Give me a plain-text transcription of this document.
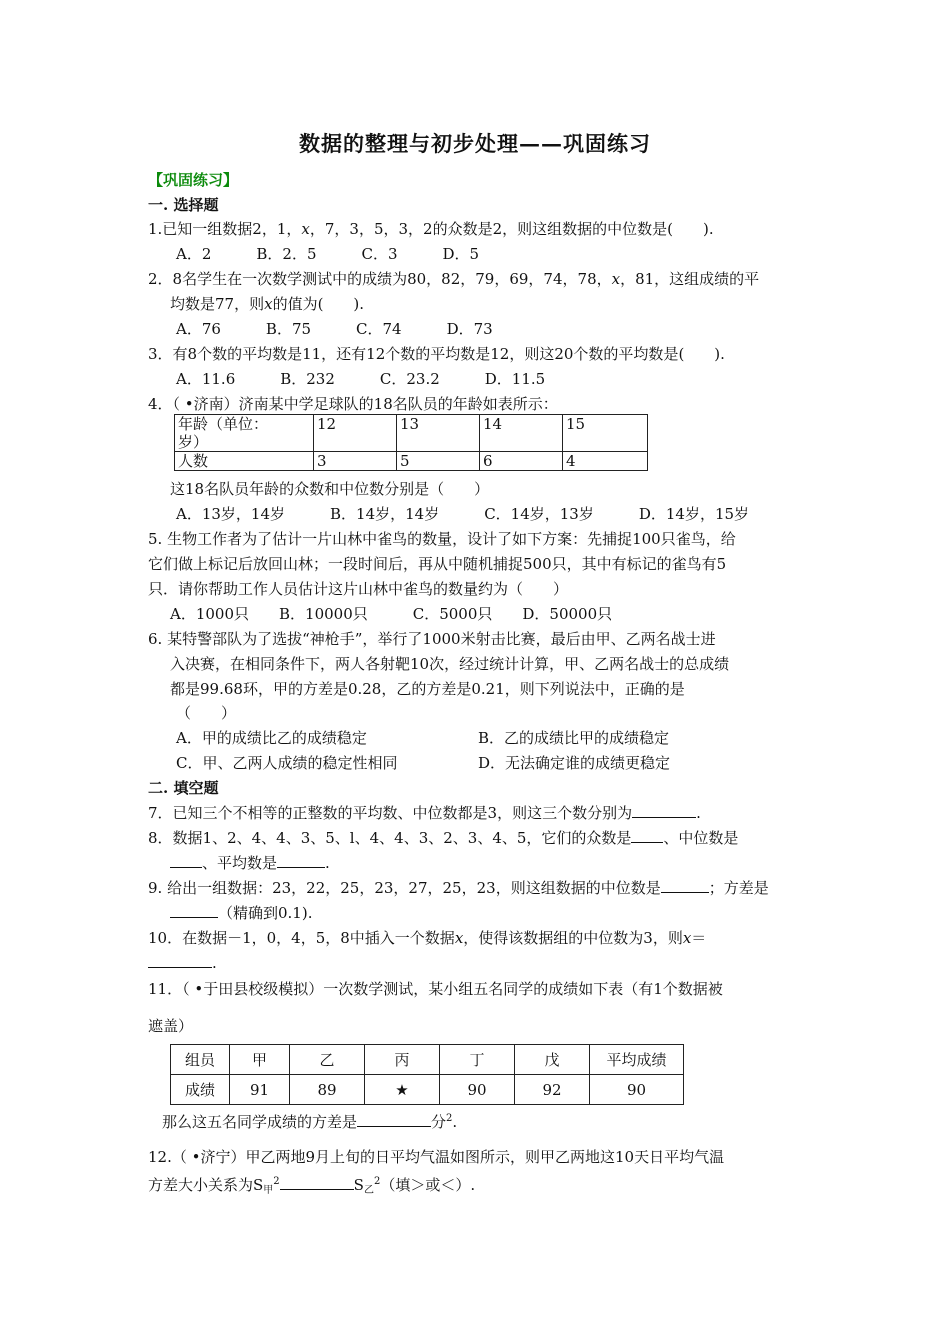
数据的整理与初步处理——巩固练习
【巩固练习】
一. 选择题
1.已知一组数据2，1，x，7，3，5，3，2的众数是2，则这组数据的中位数是(　　).
A．2　　　B．2．5　　　C．3　　　D．5
2．8名学生在一次数学测试中的成绩为80，82，79，69，74，78，x，81，这组成绩的平
均数是77，则x的值为(　　).
A．76　　　B．75　　　C．74　　　D．73
3．有8个数的平均数是11，还有12个数的平均数是12，则这20个数的平均数是(　　).
A．11.6　　　B．232　　　C．23.2　　　D．11.5
4．（ •济南）济南某中学足球队的18名队员的年龄如表所示：
年龄（单位：
岁）	12	13	14	15
人数	3	5	6	4
这18名队员年龄的众数和中位数分别是（　　）
A．13岁，14岁　　　B．14岁，14岁　　　C．14岁，13岁　　　D．14岁，15岁
5. 生物工作者为了估计一片山林中雀鸟的数量，设计了如下方案：先捕捉100只雀鸟，给
它们做上标记后放回山林；一段时间后，再从中随机捕捉500只，其中有标记的雀鸟有5
只．请你帮助工作人员估计这片山林中雀鸟的数量约为（　　）
A．1000只　　B．10000只　　　C．5000只　　D．50000只
6. 某特警部队为了选拔“神枪手”，举行了1000米射击比赛，最后由甲、乙两名战士进
入决赛，在相同条件下，两人各射靶10次，经过统计计算，甲、乙两名战士的总成绩
都是99.68环，甲的方差是0.28，乙的方差是0.21，则下列说法中，正确的是
（　　）
A．甲的成绩比乙的成绩稳定	B．乙的成绩比甲的成绩稳定
C．甲、乙两人成绩的稳定性相同	D．无法确定谁的成绩更稳定
二. 填空题
7．已知三个不相等的正整数的平均数、中位数都是3，则这三个数分别为	.
8．数据1、2、4、4、3、5、l、4、4、3、2、3、4、5，它们的众数是 、中位数是
、平均数是	.
9. 给出一组数据：23，22，25，23，27，25，23，则这组数据的中位数是	；方差是
（精确到0.1).
10．在数据－1，0，4，5，8中插入一个数据x，使得该数据组的中位数为3，则x＝
.
11．（ •于田县校级模拟）一次数学测试，某小组五名同学的成绩如下表（有1个数据被
遮盖）
组员	甲	乙	丙	丁	戊	平均成绩
成绩	91	89	★	90	92	90
那么这五名同学成绩的方差是	分$^2$.
12.（ •济宁）甲乙两地9月上旬的日平均气温如图所示，则甲乙两地这10天日平均气温
方差大小关系为$S_甲^2$	$S_乙^2$（填＞或＜）.
